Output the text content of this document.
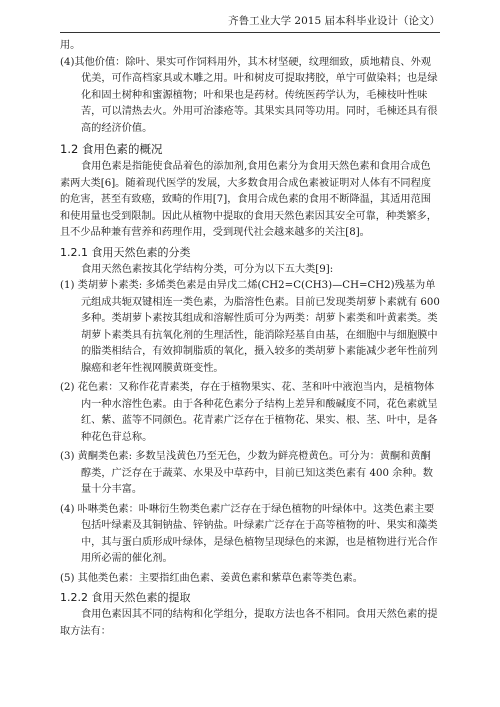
齐鲁工业大学 2015 届本科毕业设计（论文）

用。

(4)其他价值：除叶、果实可作饲料用外，其木材坚硬，纹理细致，质地精良、外观优美，可作高档家具或木雕之用。叶和树皮可提取拷胶，单宁可做染料；也是绿化和固土树种和蜜源植物；叶和果也是药材。传统医药学认为，毛棟枝叶性味苦，可以清热去火。外用可治漆疮等。其果实具同等功用。同时，毛棟还具有很高的经济价值。

1.2 食用色素的概况

食用色素是指能使食品着色的添加剂,食用色素分为食用天然色素和食用合成色素两大类[6]。随着现代医学的发展，大多数食用合成色素被证明对人体有不同程度的危害，甚至有致癌，致畸的作用[7]，食用合成色素的食用不断降温，其适用范围和使用量也受到限制。因此从植物中提取的食用天然色素因其安全可靠，种类繁多，且不少品种兼有营养和药理作用，受到现代社会越来越多的关注[8]。

1.2.1 食用天然色素的分类

食用天然色素按其化学结构分类，可分为以下五大类[9]:

(1) 类胡萝卜素类: 多烯类色素是由异戊二烯(CH2=C(CH3)—CH=CH2)残基为单元组成共轭双键相连一类色素，为脂溶性色素。目前已发现类胡萝卜素就有 600 多种。类胡萝卜素按其组成和溶解性质可分为两类：胡萝卜素类和叶黄素类。类胡萝卜素类具有抗氧化剂的生理活性，能消除羟基自由基，在细胞中与细胞膜中的脂类相结合，有效抑制脂质的氧化，摄入较多的类胡萝卜素能减少老年性前列腺癌和老年性视网膜黄斑变性。

(2) 花色素：又称作花青素类，存在于植物果实、花、茎和叶中液泡当内，是植物体内一种水溶性色素。由于各种花色素分子结构上差异和酸碱度不同，花色素就呈红、紫、蓝等不同颜色。花青素广泛存在于植物花、果实、根、茎、叶中，是各种花色苷总称。

(3) 黄酮类色素: 多数呈浅黄色乃至无色，少数为鲜亮橙黄色。可分为：黄酮和黄酮醇类，广泛存在于蔬菜、水果及中草药中，目前已知这类色素有 400 余种。数量十分丰富。

(4) 卟啉类色素：卟啉衍生物类色素广泛存在于绿色植物的叶绿体中。这类色素主要包括叶绿素及其铜钠盐、锌钠盐。叶绿素广泛存在于高等植物的叶、果实和藻类中，其与蛋白质形成叶绿体，是绿色植物呈现绿色的来源，也是植物进行光合作用所必需的催化剂。

(5) 其他类色素：主要指红曲色素、姜黄色素和紫草色素等类色素。

1.2.2 食用天然色素的提取

食用色素因其不同的结构和化学组分，提取方法也各不相同。食用天然色素的提取方法有：
